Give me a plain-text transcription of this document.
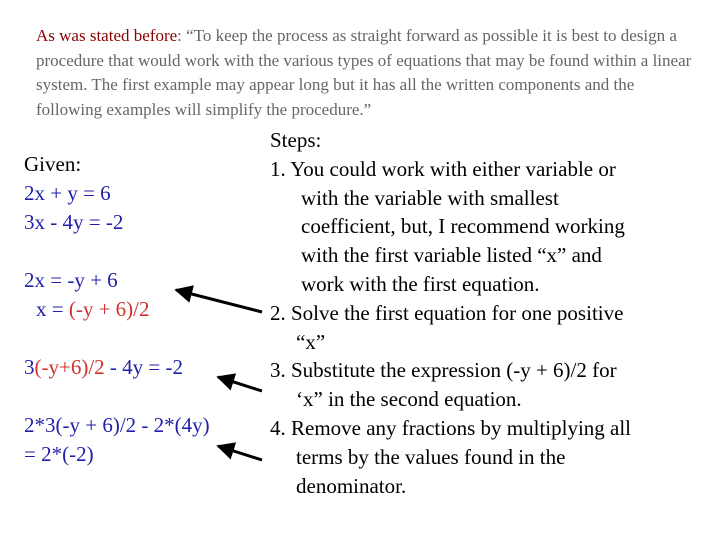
As was stated before: “To keep the process as straight forward as possible it is best to design a procedure that would work with the various types of equations that may be found within a linear system. The first example may appear long but it has all the written components and the following examples will simplify the procedure.”
Given:
2x + y = 6
3x - 4y = -2

2x = -y + 6
x = (-y + 6)/2

3(-y+6)/2 - 4y = -2

2*3(-y + 6)/2 - 2*(4y)
= 2*(-2)
Steps:
1. You could work with either variable or
with the variable with smallest
coefficient, but, I recommend working
with the first variable listed “x” and
work with the first equation.
2. Solve the first equation for one positive
“x”
3. Substitute the expression (-y + 6)/2 for
‘x” in the second equation.
4. Remove any fractions by multiplying all
terms by the values found in the
denominator.
